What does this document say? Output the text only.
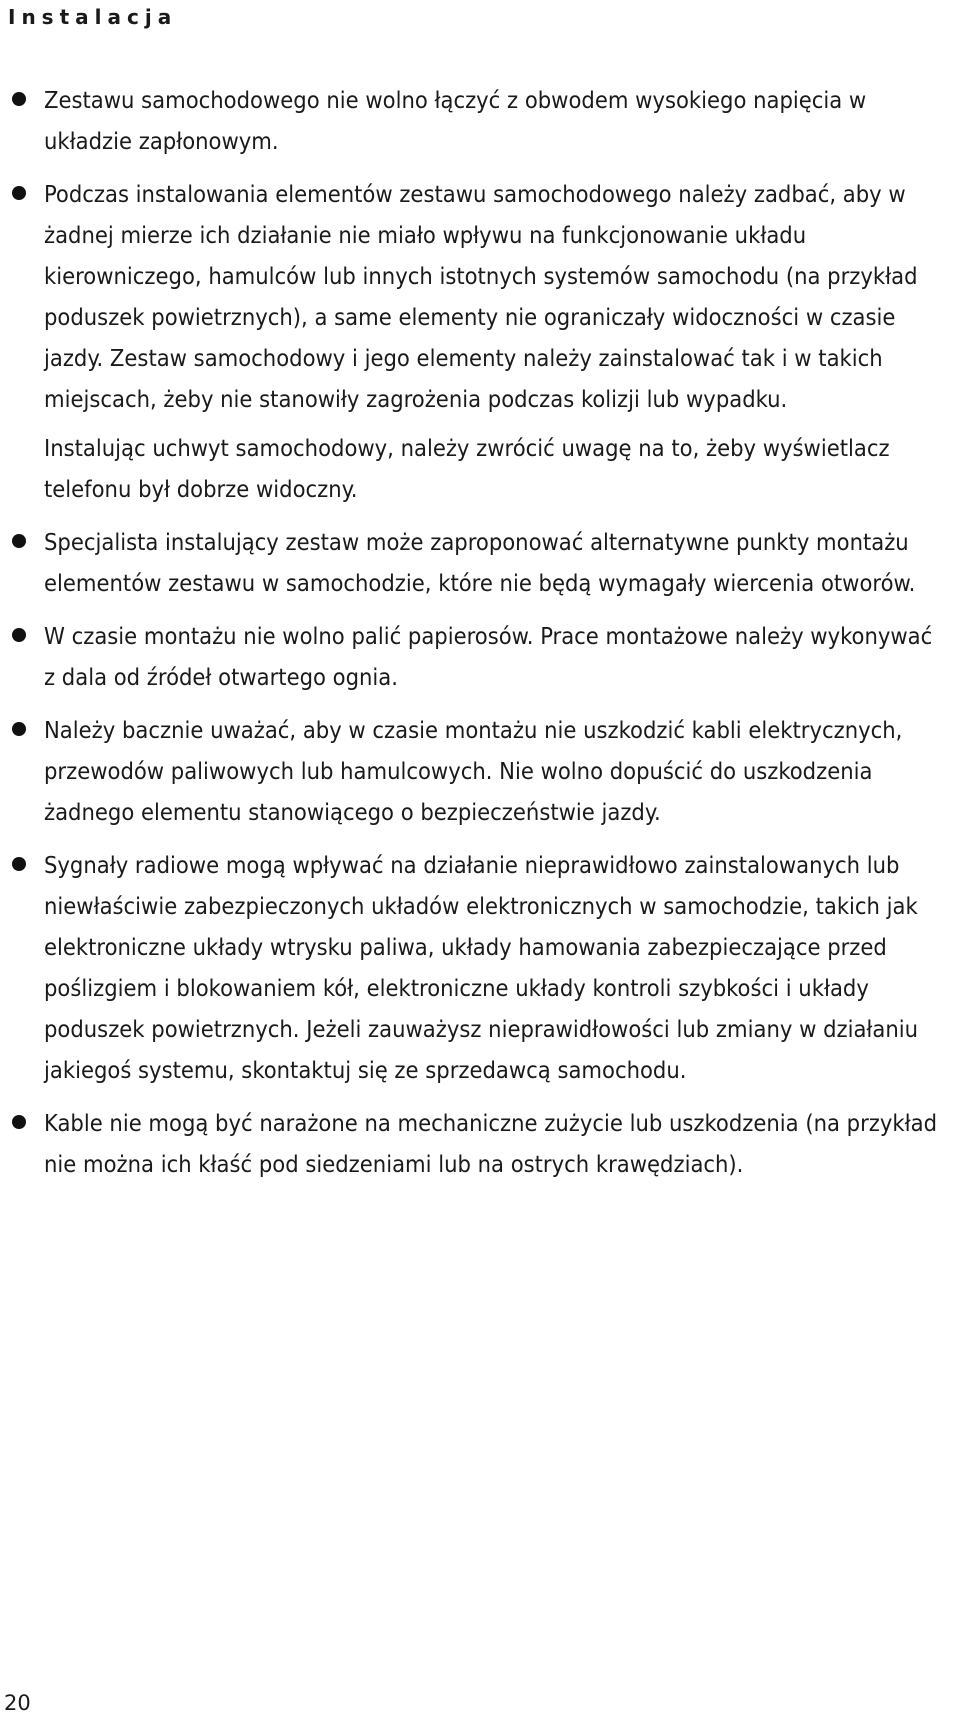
Instalacja
Zestawu samochodowego nie wolno łączyć z obwodem wysokiego napięcia w układzie zapłonowym.
Podczas instalowania elementów zestawu samochodowego należy zadbać, aby w żadnej mierze ich działanie nie miało wpływu na funkcjonowanie układu kierowniczego, hamulców lub innych istotnych systemów samochodu (na przykład poduszek powietrznych), a same elementy nie ograniczały widoczności w czasie jazdy. Zestaw samochodowy i jego elementy należy zainstalować tak i w takich miejscach, żeby nie stanowiły zagrożenia podczas kolizji lub wypadku.
Instalując uchwyt samochodowy, należy zwrócić uwagę na to, żeby wyświetlacz telefonu był dobrze widoczny.
Specjalista instalujący zestaw może zaproponować alternatywne punkty montażu elementów zestawu w samochodzie, które nie będą wymagały wiercenia otworów.
W czasie montażu nie wolno palić papierosów. Prace montażowe należy wykonywać z dala od źródeł otwartego ognia.
Należy bacznie uważać, aby w czasie montażu nie uszkodzić kabli elektrycznych, przewodów paliwowych lub hamulcowych. Nie wolno dopuścić do uszkodzenia żadnego elementu stanowiącego o bezpieczeństwie jazdy.
Sygnały radiowe mogą wpływać na działanie nieprawidłowo zainstalowanych lub niewłaściwie zabezpieczonych układów elektronicznych w samochodzie, takich jak elektroniczne układy wtrysku paliwa, układy hamowania zabezpieczające przed poślizgiem i blokowaniem kół, elektroniczne układy kontroli szybkości i układy poduszek powietrznych. Jeżeli zauważysz nieprawidłowości lub zmiany w działaniu jakiegoś systemu, skontaktuj się ze sprzedawcą samochodu.
Kable nie mogą być narażone na mechaniczne zużycie lub uszkodzenia (na przykład nie można ich kłaść pod siedzeniami lub na ostrych krawędziach).
20
